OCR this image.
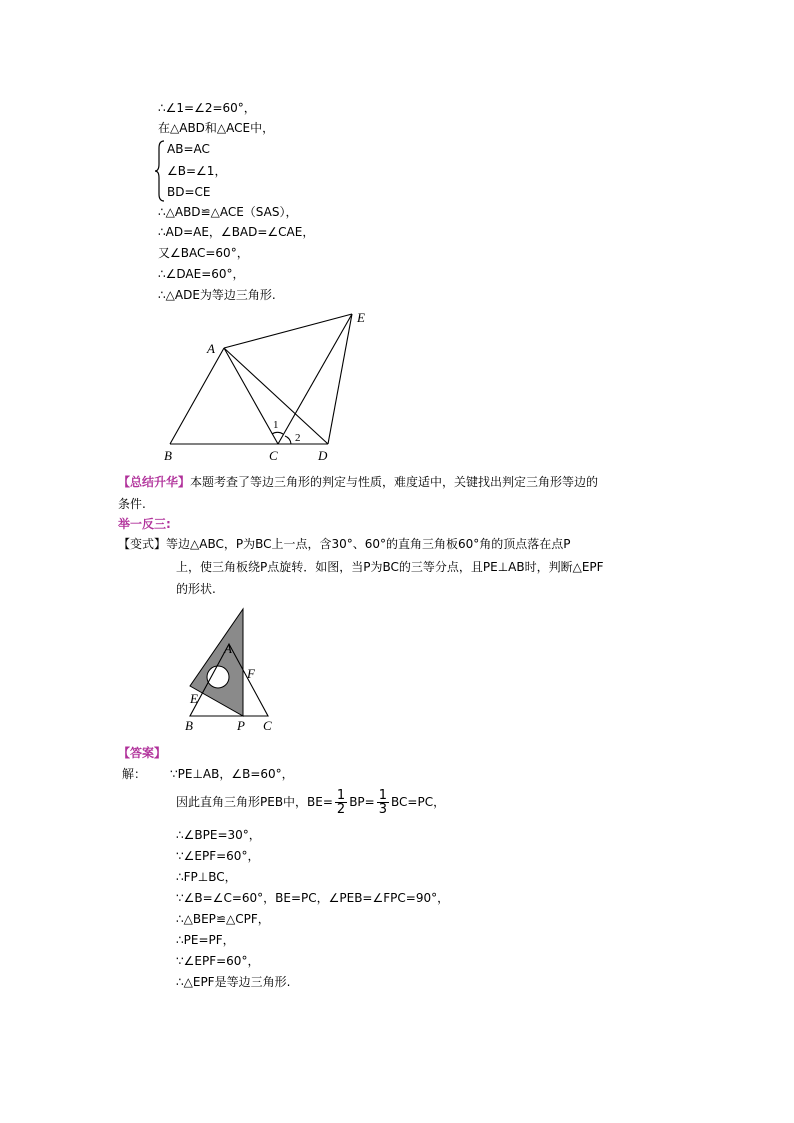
∴∠1=∠2=60°，
在△ABD和△ACE中，
AB=AC
∠B=∠1，
BD=CE
∴△ABD≌△ACE（SAS），
∴AD=AE，∠BAD=∠CAE，
又∠BAC=60°，
∴∠DAE=60°，
∴△ADE为等边三角形.
A
B	C	D
E
1
2
【总结升华】本题考查了等边三角形的判定与性质，难度适中，关键找出判定三角形等边的
条件.
举一反三:
【变式】等边△ABC，P为BC上一点，含30°、60°的直角三角板60°角的顶点落在点P
上，使三角板绕P点旋转．如图，当P为BC的三等分点，且PE⊥AB时，判断△EPF
的形状.
A
F
E
B	P C
【答案】
解： ∵PE⊥AB，∠B=60°，
因此直角三角形PEB中，$BE= \frac{1}{2} BP= \frac{1}{3} BC=PC$，
∴∠BPE=30°，
∵∠EPF=60°，
∴FP⊥BC，
∵∠B=∠C=60°，BE=PC，∠PEB=∠FPC=90°，
∴△BEP≌△CPF，
∴PE=PF，
∵∠EPF=60°，
∴△EPF是等边三角形.
